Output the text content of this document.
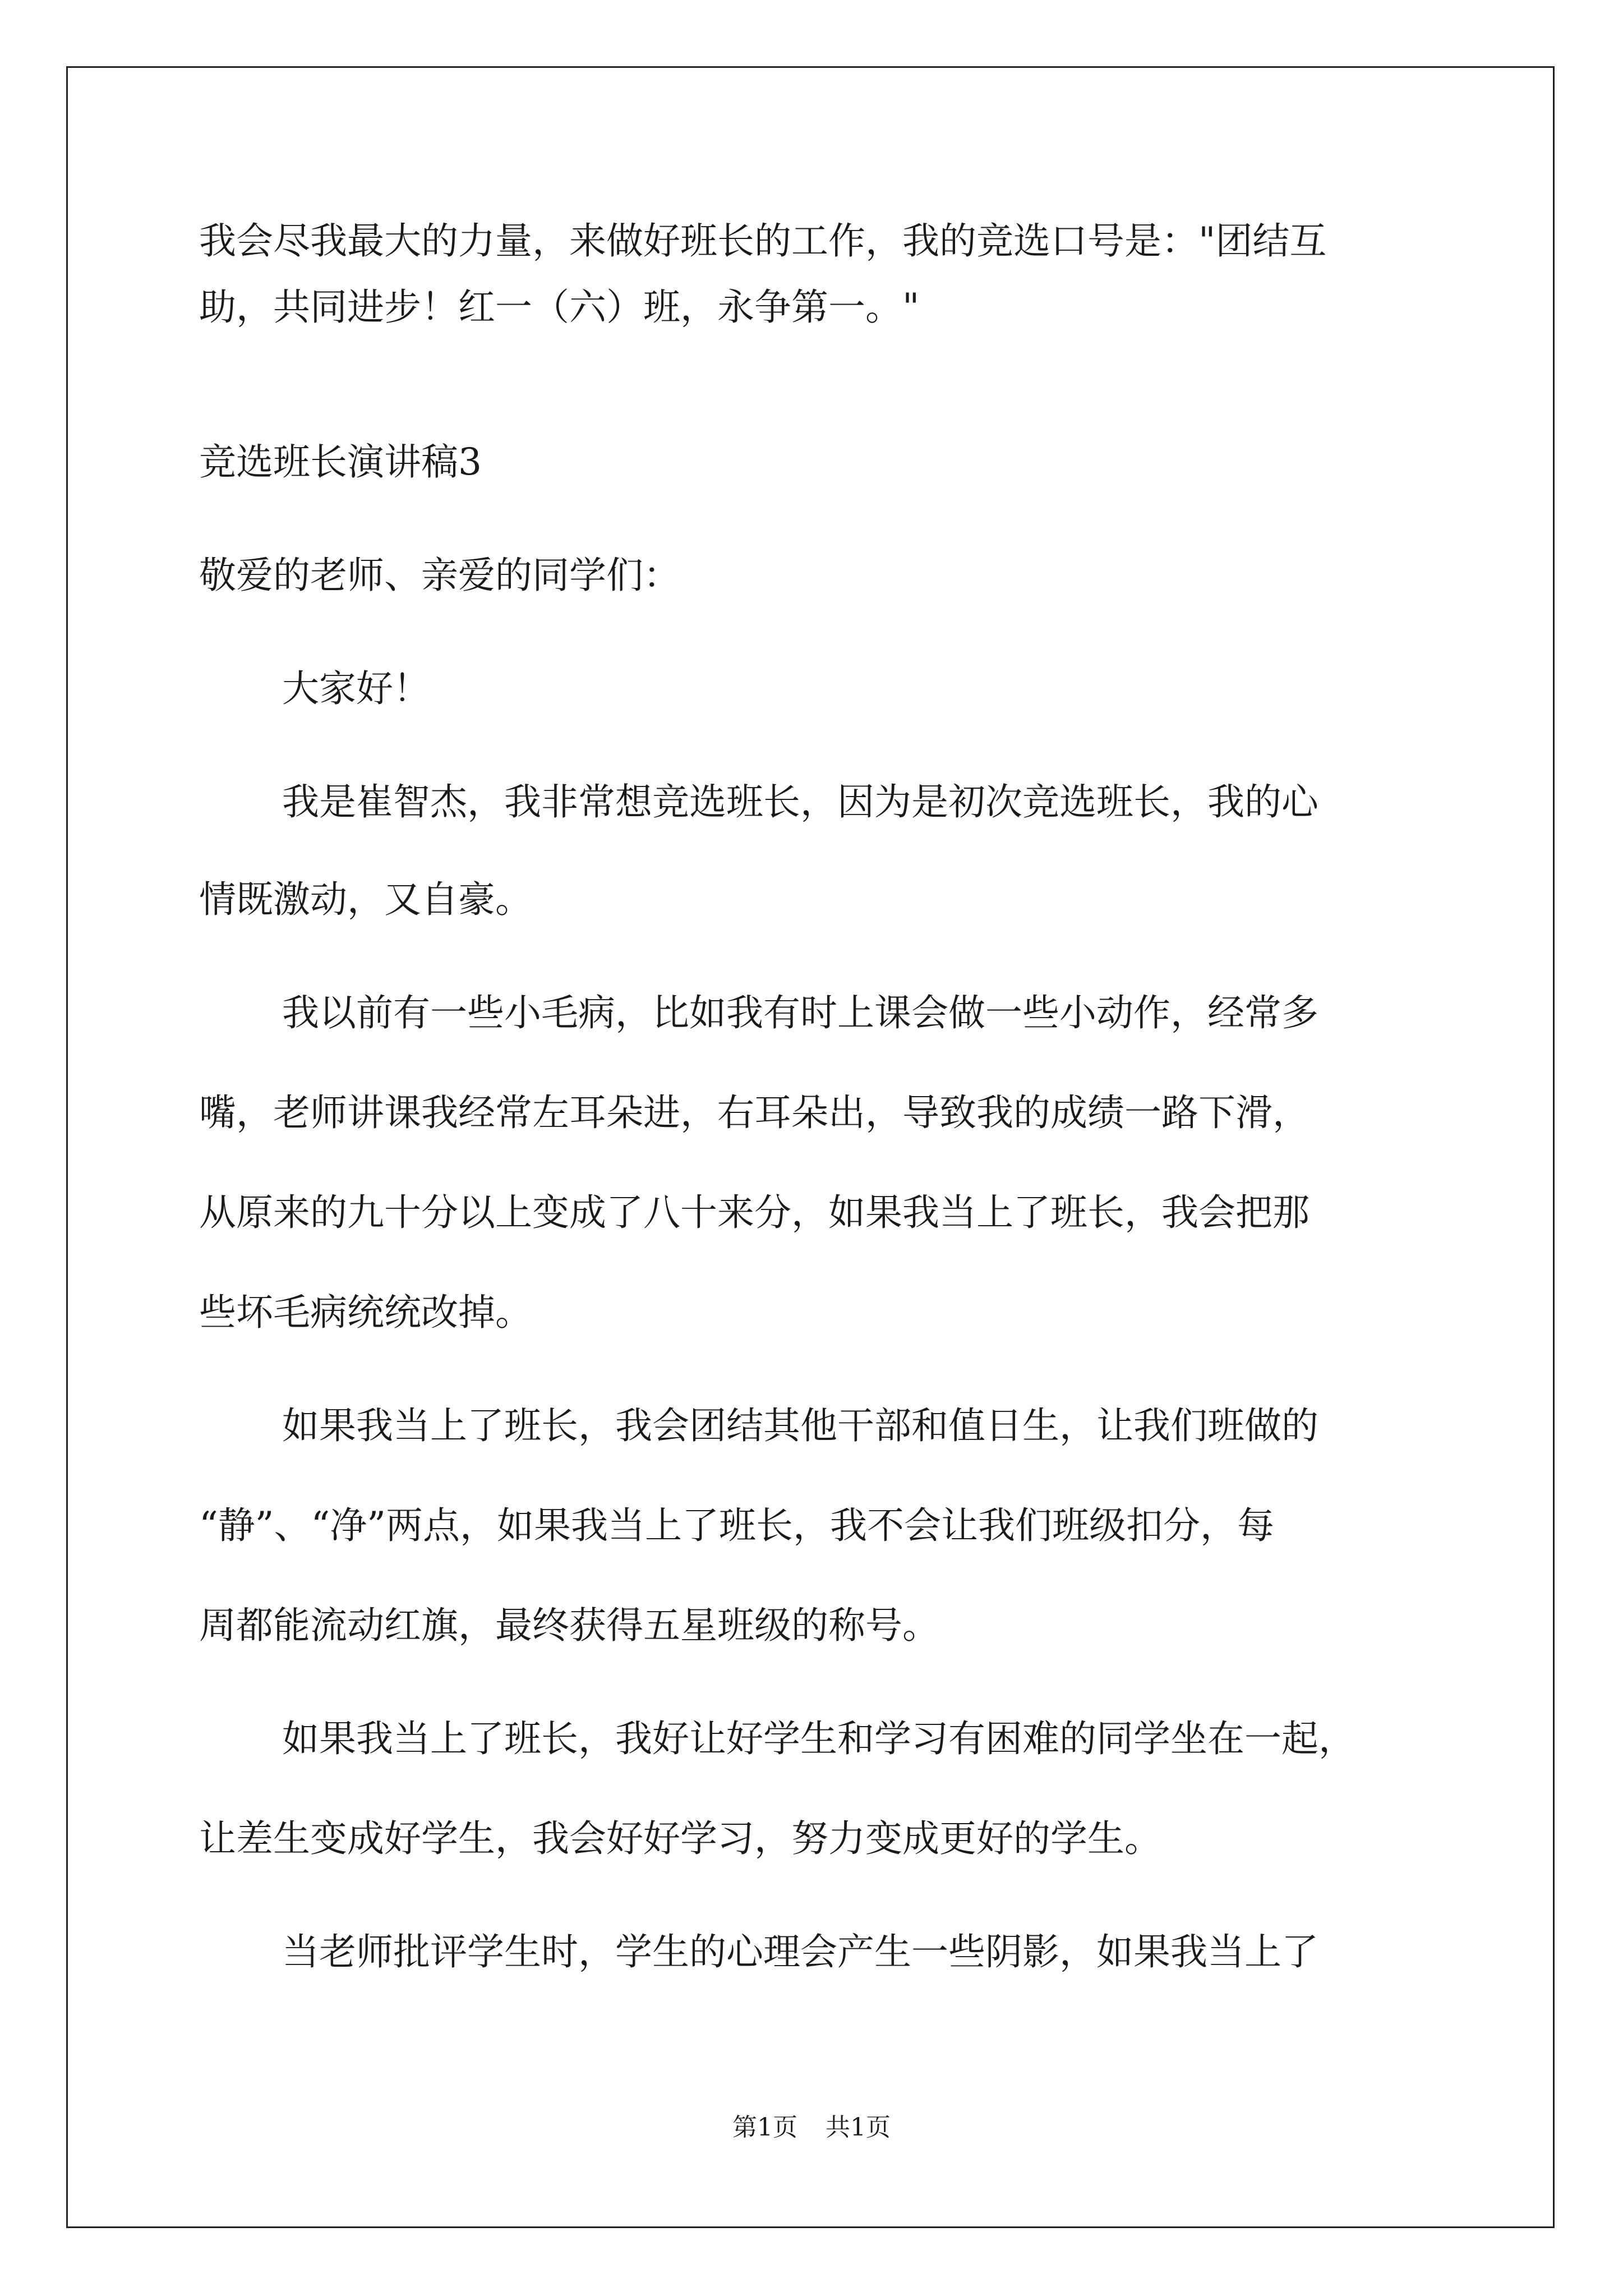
我会尽我最大的力量，来做好班长的工作，我的竞选口号是："团结互

助，共同进步！红一（六）班，永争第一。"

竞选班长演讲稿3

敬爱的老师、亲爱的同学们：

大家好！

我是崔智杰，我非常想竞选班长，因为是初次竞选班长，我的心

情既激动，又自豪。

我以前有一些小毛病，比如我有时上课会做一些小动作，经常多

嘴，老师讲课我经常左耳朵进，右耳朵出，导致我的成绩一路下滑，

从原来的九十分以上变成了八十来分，如果我当上了班长，我会把那

些坏毛病统统改掉。

如果我当上了班长，我会团结其他干部和值日生，让我们班做的

“静”、“净”两点，如果我当上了班长，我不会让我们班级扣分，每

周都能流动红旗，最终获得五星班级的称号。

如果我当上了班长，我好让好学生和学习有困难的同学坐在一起，

让差生变成好学生，我会好好学习，努力变成更好的学生。

当老师批评学生时，学生的心理会产生一些阴影，如果我当上了

第1页 共1页
